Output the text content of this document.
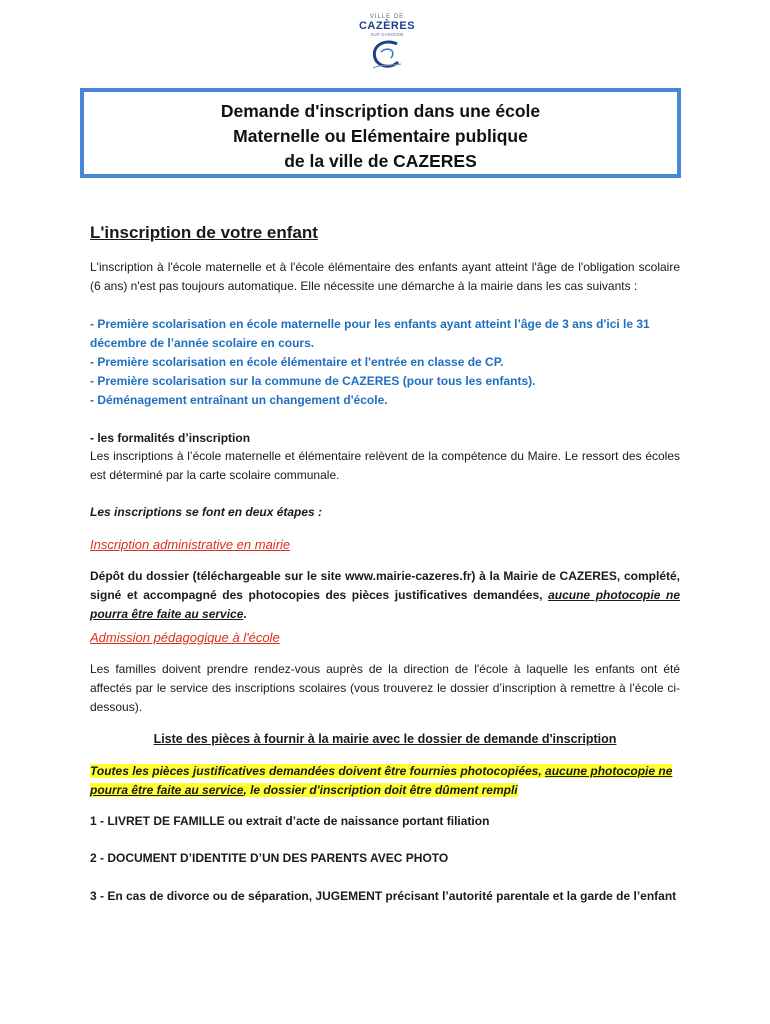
VILLE DE
CAZÈRES
SUR GARONNE
Demande d'inscription dans une école
Maternelle ou Elémentaire publique
de la ville de CAZERES
L'inscription de votre enfant
L'inscription à l'école maternelle et à l'école élémentaire des enfants ayant atteint l'âge de l'obligation scolaire (6 ans) n'est pas toujours automatique. Elle nécessite une démarche à la mairie dans les cas suivants :
- Première scolarisation en école maternelle pour les enfants ayant atteint l’âge de 3 ans d'ici le 31 décembre de l’année scolaire en cours.
- Première scolarisation en école élémentaire et l'entrée en classe de CP.
- Première scolarisation sur la commune de CAZERES (pour tous les enfants).
- Déménagement entraînant un changement d'école.
- les formalités d’inscription
Les inscriptions à l’école maternelle et élémentaire relèvent de la compétence du Maire. Le ressort des écoles est déterminé par la carte scolaire communale.
Les inscriptions se font en deux étapes :
Inscription administrative en mairie
Dépôt du dossier (téléchargeable sur le site www.mairie-cazeres.fr) à la Mairie de CAZERES, complété, signé et accompagné des photocopies des pièces justificatives demandées, aucune photocopie ne pourra être faite au service.
Admission pédagogique à l'école
Les familles doivent prendre rendez-vous auprès de la direction de l'école à laquelle les enfants ont été affectés par le service des inscriptions scolaires (vous trouverez le dossier d’inscription à remettre à l’école ci-dessous).
Liste des pièces à fournir à la mairie avec le dossier de demande d'inscription
Toutes les pièces justificatives demandées doivent être fournies photocopiées, aucune photocopie ne pourra être faite au service, le dossier d'inscription doit être dûment rempli
1 - LIVRET DE FAMILLE ou extrait d’acte de naissance portant filiation
2 - DOCUMENT D’IDENTITE D’UN DES PARENTS AVEC PHOTO
3 - En cas de divorce ou de séparation, JUGEMENT précisant l’autorité parentale et la garde de l’enfant
